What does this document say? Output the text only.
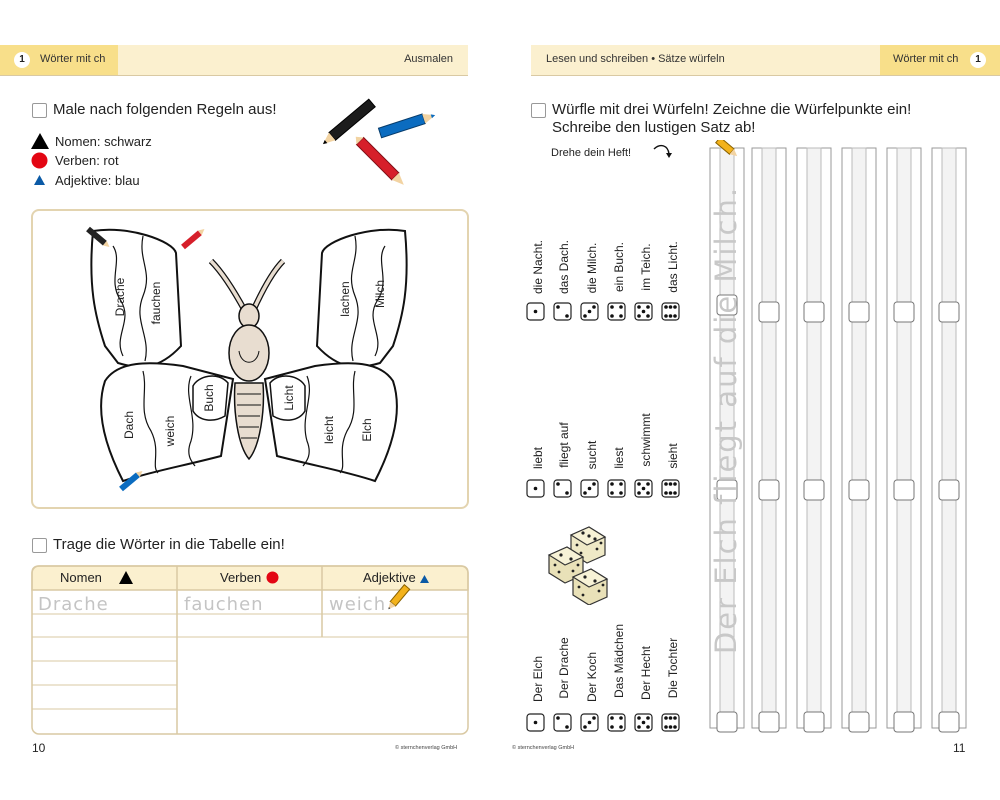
1	Wörter mit ch	Ausmalen
Male nach folgenden Regeln aus!
Nomen: schwarz
Verben: rot
Adjektive: blau
Drache fauchen	lachen Milch
Dach weich
Buch	Licht
leicht Elch
Trage die Wörter in die Tabelle ein!
Nomen	Verben	Adjektive
Drache	fauchen	weich
10	© sternchenverlag GmbH
Lesen und schreiben • Sätze würfeln	Wörter mit ch	1
Würfle mit drei Würfeln! Zeichne die Würfelpunkte ein!
Schreibe den lustigen Satz ab!
Drehe dein Heft!
die Nacht. das Dach. die Milch. ein Buch. im Teich. das Licht.
liebt fliegt auf sucht liest schwimmt sieht
Der Elch Der Drache Der Koch Das Mädchen Der Hecht Die Tochter
Der Elch fliegt auf die Milch.
© sternchenverlag GmbH	11
